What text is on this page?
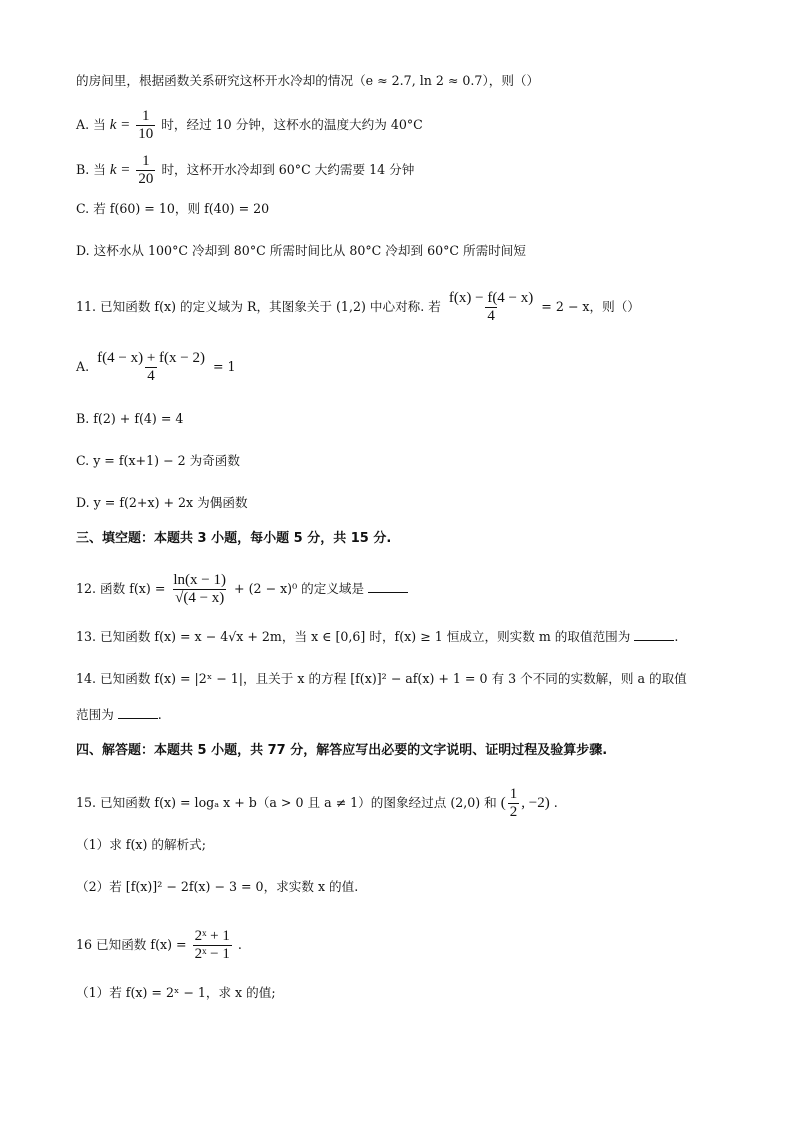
的房间里，根据函数关系研究这杯开水冷却的情况（e ≈ 2.7, ln 2 ≈ 0.7），则（）
A. 当 $k = \frac{1}{10}$ 时，经过 10 分钟，这杯水的温度大约为 40°C
B. 当 $k = \frac{1}{20}$ 时，这杯开水冷却到 60°C 大约需要 14 分钟
C. 若 f(60) = 10，则 f(40) = 20
D. 这杯水从 100°C 冷却到 80°C 所需时间比从 80°C 冷却到 60°C 所需时间短
11. 已知函数 f(x) 的定义域为 R，其图象关于 (1,2) 中心对称. 若 $\frac{f(x) - f(4 - x)}{4} = 2 - x$，则（）
A. $\frac{f(4 - x) + f(x - 2)}{4} = 1$
B. f(2) + f(4) = 4
C. y = f(x+1) − 2 为奇函数
D. y = f(2+x) + 2x 为偶函数
三、填空题：本题共 3 小题，每小题 5 分，共 15 分.
12. 函数 $f(x) = \frac{\ln(x - 1)}{√(4 - x)} + (2 - x)^0$ 的定义域是
13. 已知函数 f(x) = x − 4√x + 2m，当 x ∈ [0,6] 时，f(x) ≥ 1 恒成立，则实数 m 的取值范围为	.
14. 已知函数 f(x) = |2ˣ − 1|，且关于 x 的方程 [f(x)]² − af(x) + 1 = 0 有 3 个不同的实数解，则 a 的取值
范围为	.
四、解答题：本题共 5 小题，共 77 分，解答应写出必要的文字说明、证明过程及验算步骤.
15. 已知函数 f(x) = logₐ x + b（a > 0 且 a ≠ 1）的图象经过点 (2,0) 和 ( $\frac{1}{2}$ , −2) .
（1）求 f(x) 的解析式;
（2）若 [f(x)]² − 2f(x) − 3 = 0，求实数 x 的值.
16 已知函数 $f(x) = \frac{\text{2ˣ + 1}}{\text{2ˣ − 1}}$ .
（1）若 f(x) = 2ˣ − 1，求 x 的值;
